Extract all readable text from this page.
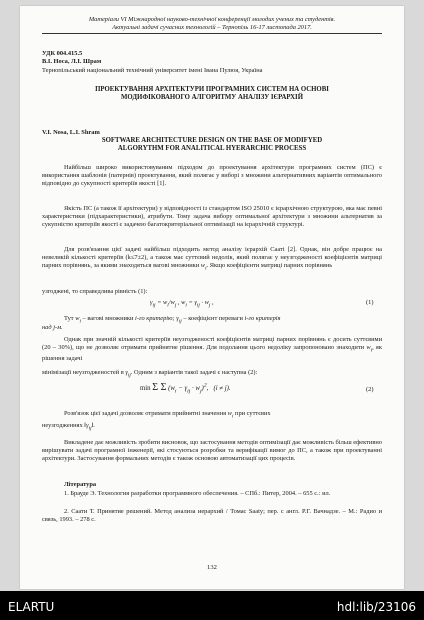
Матеріали VI Міжнародної науково-технічної конференції молодих учених та студентів.
Актуальні задачі сучасних технологій – Тернопіль 16-17 листопада 2017.
УДК 004.415.5
В.І. Носа, Л.І. Шрам
Тернопільський національний технічний університет імені Івана Пулюя, Україна
ПРОЕКТУВАННЯ АРХІТЕКТУРИ ПРОГРАМНИХ СИСТЕМ НА ОСНОВІ
МОДИФІКОВАНОГО АЛГОРИТМУ АНАЛІЗУ ІЄРАРХІЙ
V.I. Nosa, L.I. Shram
SOFTWARE ARCHITECTURE DESIGN ON THE BASE OF MODIFYED
ALGORYTHM FOR ANALITICAL HYERARCHIC PROCESS
Найбільш широко використовуваним підходом до проектування архітектури програмних систем (ПС) є використання шаблонів (патернів) проектування, який полягає у виборі з множини альтернативних варіантів оптимального відповідно до сукупності критеріїв якості [1].
Якість ПС (а також її архітектури) у відповідності із стандартом ISO 25010 є ієрархічною структурою, яка має певні характеристики (підхарактеристики), атрибути. Тому задача вибору оптимальної архітектури з множини альтернатив за сукупністю критеріїв якості є задачею багатокритеріальної оптимізації на ієрархічній структурі.
Для розв'язання цієї задачі найбільш підходить метод аналізу ієрархій Сааті [2]. Однак, він добре працює на невеликій кількості критеріїв (k≤7±2), а також має суттєвий недолік, який полягає у неузгодженості коефіцієнтів матриці парних порівнянь, за якими знаходяться вагові множники $w_i$. Якщо коефіцієнти матриці парних порівнянь
узгоджені, то справедлива рівність (1):
$\gamma_{ij} = w_i/w_j$ , $w_i = \gamma_{ij} \cdot w_j$ ,	(1)
Тут $w_i$ – вагові множники i-го критерію; $\gamma_{ij}$ – коефіцієнт переваги i-го критерія
над j-м.
Однак при значній кількості критеріїв неузгодженості коефіцієнтів матриці парних порівнянь є досить суттєвими (20 – 30%), що не дозволяє отримати прийнятне рішення. Для подолання цього недоліку запропоновано знаходити $w_i$, як рішення задачі
мінімізації неузгодженостей в $\gamma_{ij}$. Одним з варіантів такої задачі є наступна (2):
min Σ Σ $(w_i - \gamma_{ij} \cdot w_j)^2$,   (i ≠ j).	(2)
Розв'язок цієї задачі дозволяє отримати прийнятні значення $w_i$ при суттєвих
неузгодженнях $‖\gamma_{ij}‖$.
Викладене дає можливість зробити висновок, що застосування методів оптимізації дає можливість більш ефективно вирішувати задачі програмної інженерії, які стосуються розробки та верифікації вимог до ПС, а також при проектуванні архітектури. Застосування формальних методів є також основою автоматизації цих процесів.
Література
1. Брауде Э. Технология разработки программного обеспечения. – СПб.: Питер, 2004. – 655 с.: ил.
2. Саати Т. Принятие решений. Метод анализа иерархий / Томас Saaty; пер. с англ. Р.Г. Вачнадзе. – М.: Радио и связь, 1993. – 278 с.
132
ELARTU	hdl:lib/23106
